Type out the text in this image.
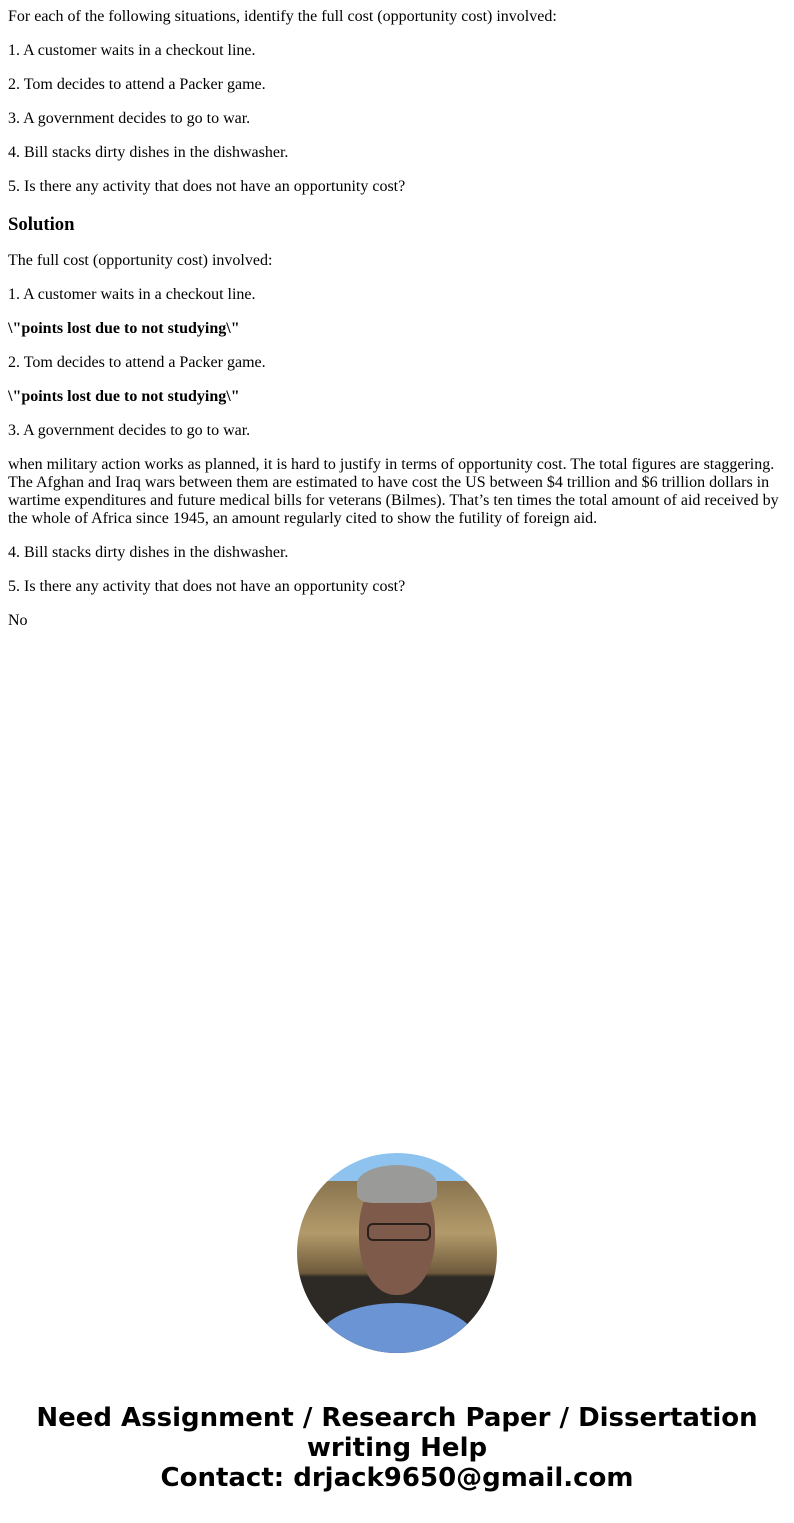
For each of the following situations, identify the full cost (opportunity cost) involved:

1. A customer waits in a checkout line.

2. Tom decides to attend a Packer game.

3. A government decides to go to war.

4. Bill stacks dirty dishes in the dishwasher.

5. Is there any activity that does not have an opportunity cost?

Solution

The full cost (opportunity cost) involved:

1. A customer waits in a checkout line.

\"points lost due to not studying\"

2. Tom decides to attend a Packer game.

\"points lost due to not studying\"

3. A government decides to go to war.

when military action works as planned, it is hard to justify in terms of opportunity cost. The total figures are staggering. The Afghan and Iraq wars between them are estimated to have cost the US between $4 trillion and $6 trillion dollars in wartime expenditures and future medical bills for veterans (Bilmes). That’s ten times the total amount of aid received by the whole of Africa since 1945, an amount regularly cited to show the futility of foreign aid.

4. Bill stacks dirty dishes in the dishwasher.

5. Is there any activity that does not have an opportunity cost?

No

Need Assignment / Research Paper / Dissertation
writing Help
Contact: drjack9650@gmail.com
